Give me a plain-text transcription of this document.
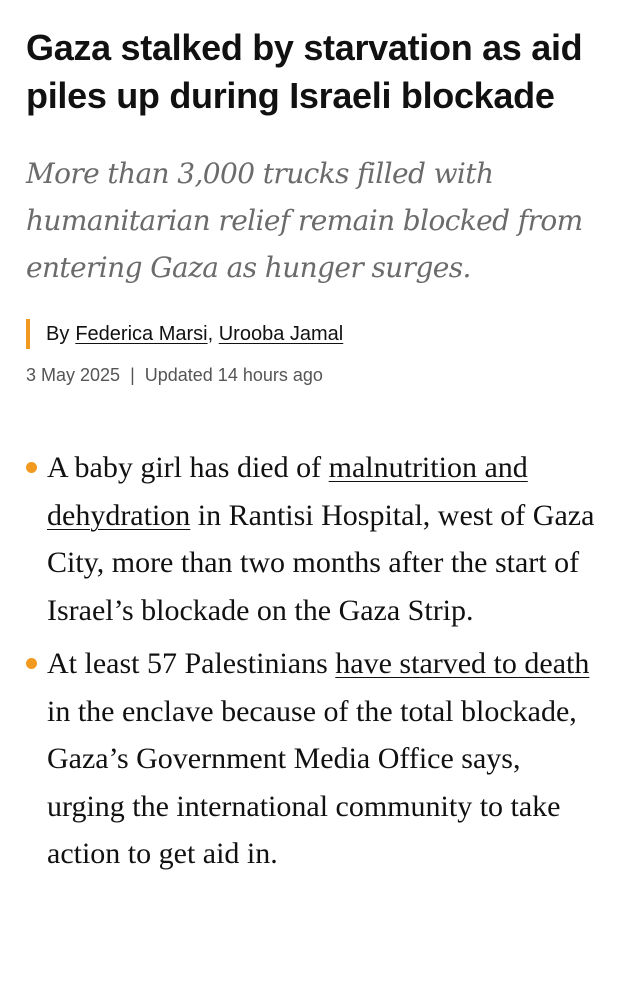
Gaza stalked by starvation as aid piles up during Israeli blockade

More than 3,000 trucks filled with humanitarian relief remain blocked from entering Gaza as hunger surges.

By Federica Marsi ,
Urooba Jamal
3 May 2025 | Updated 14 hours ago
A baby girl has died of malnutrition and dehydration in Rantisi Hospital, west of Gaza City, more than two months after the start of Israel’s blockade on the Gaza Strip.
At least 57 Palestinians have starved to death in the enclave because of the total blockade, Gaza’s Government Media Office says, urging the international community to take action to get aid in.
